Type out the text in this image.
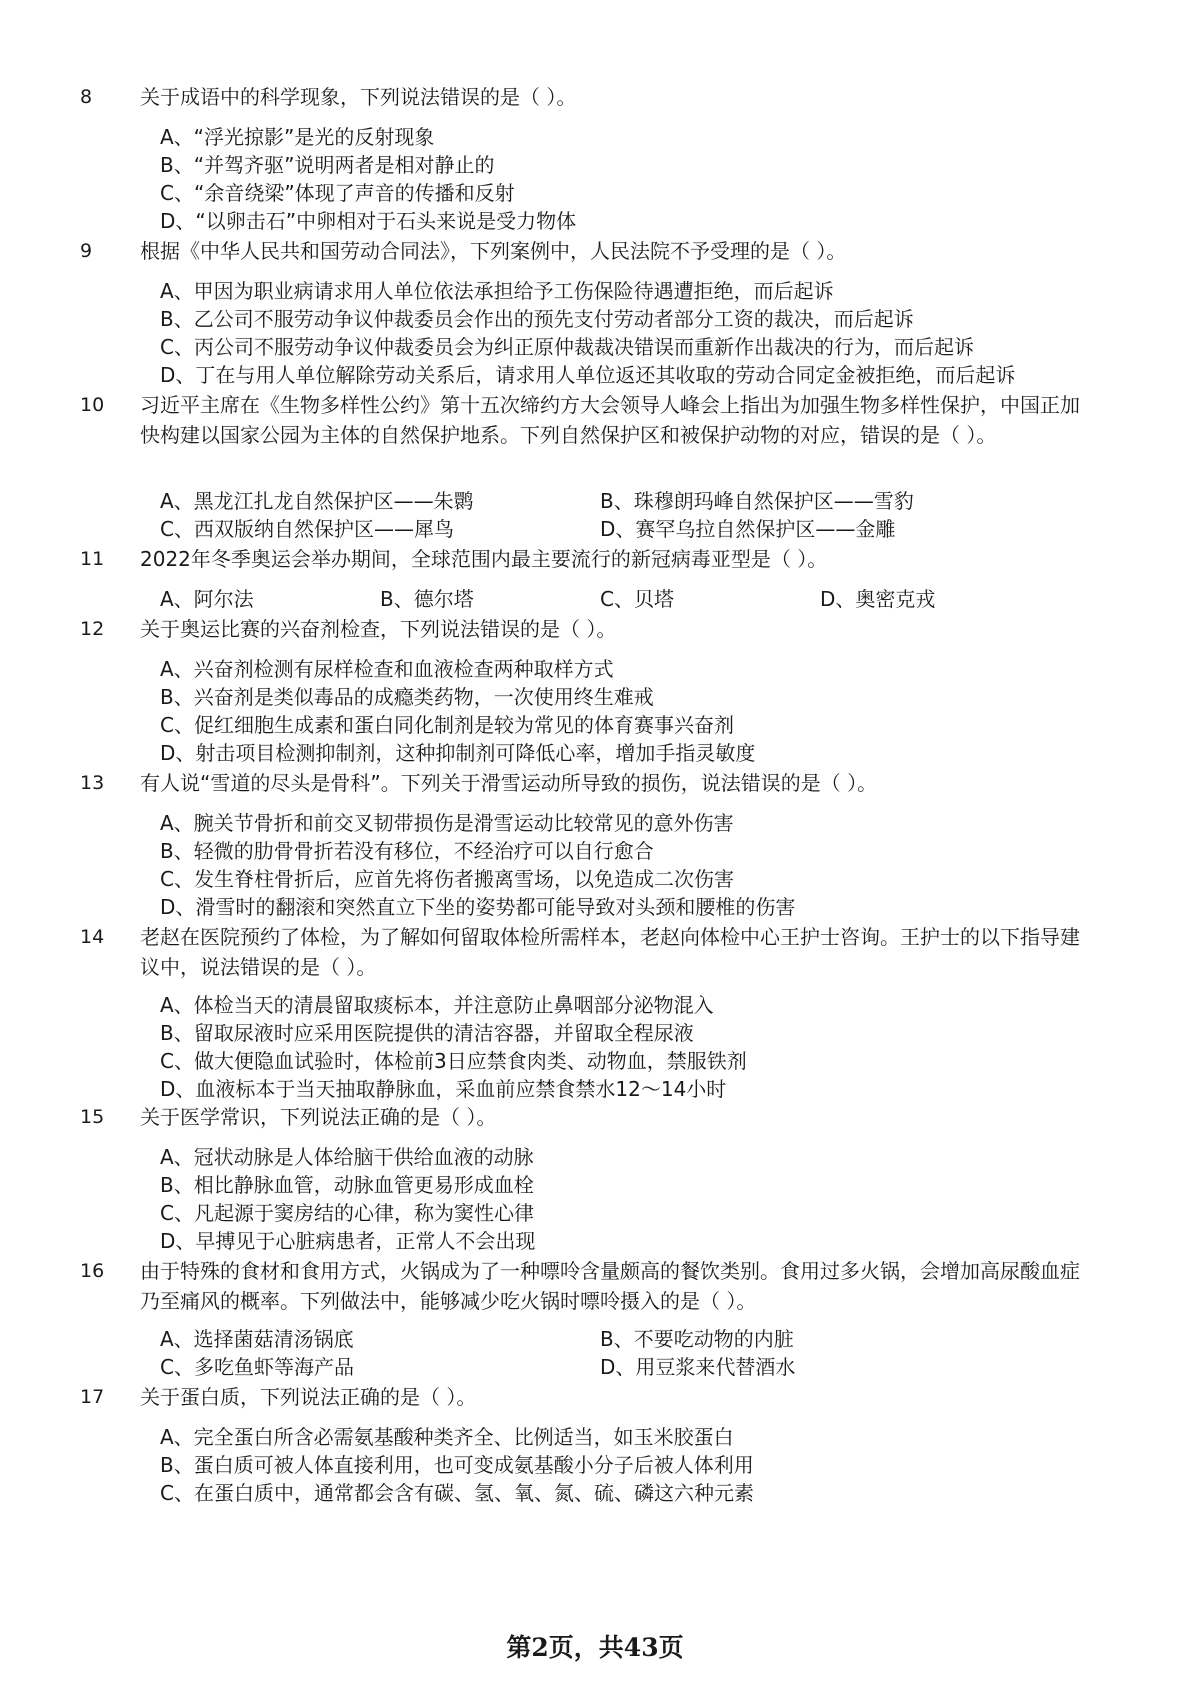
8 关于成语中的科学现象，下列说法错误的是（ ）。
A、“浮光掠影”是光的反射现象
B、“并驾齐驱”说明两者是相对静止的
C、“余音绕梁”体现了声音的传播和反射
D、“以卵击石”中卵相对于石头来说是受力物体
9 根据《中华人民共和国劳动合同法》，下列案例中，人民法院不予受理的是（ ）。
A、甲因为职业病请求用人单位依法承担给予工伤保险待遇遭拒绝，而后起诉
B、乙公司不服劳动争议仲裁委员会作出的预先支付劳动者部分工资的裁决，而后起诉
C、丙公司不服劳动争议仲裁委员会为纠正原仲裁裁决错误而重新作出裁决的行为，而后起诉
D、丁在与用人单位解除劳动关系后，请求用人单位返还其收取的劳动合同定金被拒绝，而后起诉
10 习近平主席在《生物多样性公约》第十五次缔约方大会领导人峰会上指出为加强生物多样性保护，中国正加快构建以国家公园为主体的自然保护地系。下列自然保护区和被保护动物的对应，错误的是（ ）。
A、黑龙江扎龙自然保护区——朱鹮	B、珠穆朗玛峰自然保护区——雪豹
C、西双版纳自然保护区——犀鸟	D、赛罕乌拉自然保护区——金雕
11 2022年冬季奥运会举办期间，全球范围内最主要流行的新冠病毒亚型是（ ）。
A、阿尔法	B、德尔塔	C、贝塔	D、奥密克戎
12 关于奥运比赛的兴奋剂检查，下列说法错误的是（ ）。
A、兴奋剂检测有尿样检查和血液检查两种取样方式
B、兴奋剂是类似毒品的成瘾类药物，一次使用终生难戒
C、促红细胞生成素和蛋白同化制剂是较为常见的体育赛事兴奋剂
D、射击项目检测抑制剂，这种抑制剂可降低心率，增加手指灵敏度
13 有人说“雪道的尽头是骨科”。下列关于滑雪运动所导致的损伤，说法错误的是（ ）。
A、腕关节骨折和前交叉韧带损伤是滑雪运动比较常见的意外伤害
B、轻微的肋骨骨折若没有移位，不经治疗可以自行愈合
C、发生脊柱骨折后，应首先将伤者搬离雪场，以免造成二次伤害
D、滑雪时的翻滚和突然直立下坐的姿势都可能导致对头颈和腰椎的伤害
14 老赵在医院预约了体检，为了解如何留取体检所需样本，老赵向体检中心王护士咨询。王护士的以下指导建议中，说法错误的是（ ）。
A、体检当天的清晨留取痰标本，并注意防止鼻咽部分泌物混入
B、留取尿液时应采用医院提供的清洁容器，并留取全程尿液
C、做大便隐血试验时，体检前3日应禁食肉类、动物血，禁服铁剂
D、血液标本于当天抽取静脉血，采血前应禁食禁水12～14小时
15 关于医学常识，下列说法正确的是（ ）。
A、冠状动脉是人体给脑干供给血液的动脉
B、相比静脉血管，动脉血管更易形成血栓
C、凡起源于窦房结的心律，称为窦性心律
D、早搏见于心脏病患者，正常人不会出现
16 由于特殊的食材和食用方式，火锅成为了一种嘌呤含量颇高的餐饮类别。食用过多火锅，会增加高尿酸血症乃至痛风的概率。下列做法中，能够减少吃火锅时嘌呤摄入的是（ ）。
A、选择菌菇清汤锅底	B、不要吃动物的内脏
C、多吃鱼虾等海产品	D、用豆浆来代替酒水
17 关于蛋白质，下列说法正确的是（ ）。
A、完全蛋白所含必需氨基酸种类齐全、比例适当，如玉米胶蛋白
B、蛋白质可被人体直接利用，也可变成氨基酸小分子后被人体利用
C、在蛋白质中，通常都会含有碳、氢、氧、氮、硫、磷这六种元素
第2页，共43页
